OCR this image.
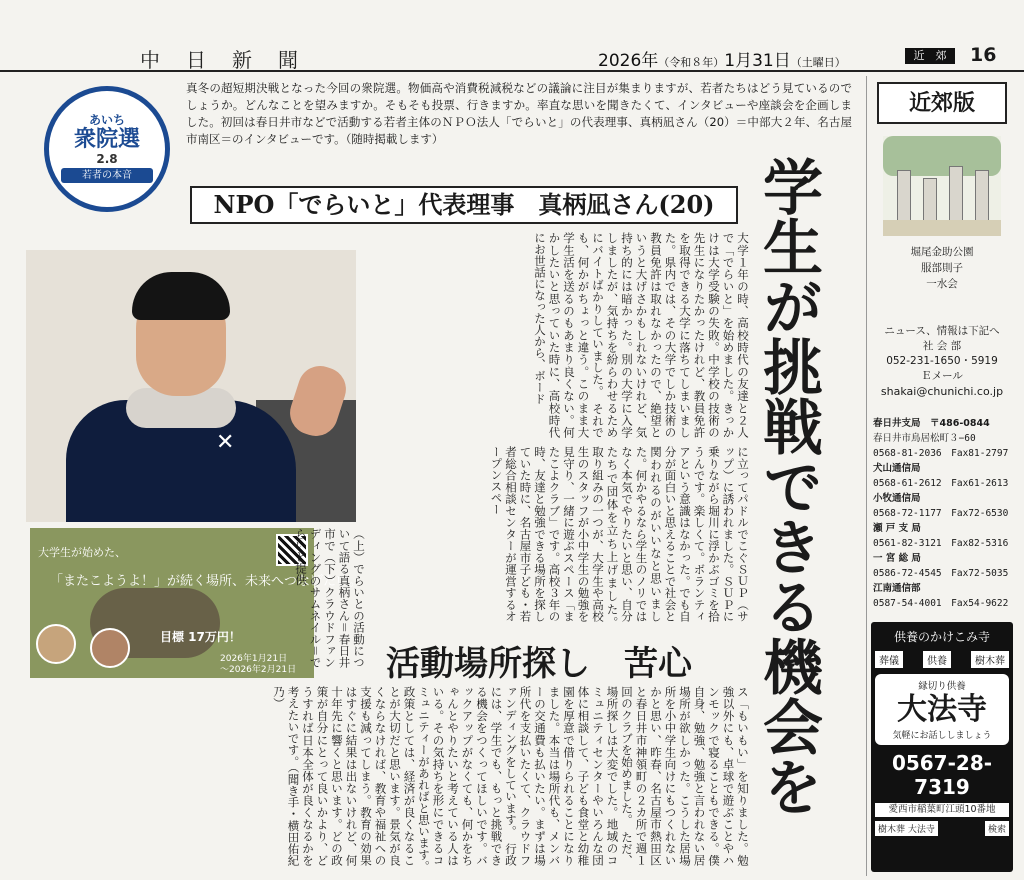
中日新聞	2026年（令和８年）1月31日（土曜日）
近　郊	16
あいち
衆院選
2.8
若者の本音
真冬の超短期決戦となった今回の衆院選。物価高や消費税減税などの議論に注目が集まりますが、若者たちはどう見ているのでしょうか。どんなことを望みますか。そもそも投票、行きますか。率直な思いを聞きたくて、インタビューや座談会を企画しました。初回は春日井市などで活動する若者主体のＮＰＯ法人「でらいと」の代表理事、真柄凪さん（20）＝中部大２年、名古屋市南区＝のインタビューです。（随時掲載します）
NPO「でらいと」代表理事　真柄凪さん(20) 学生が挑戦できる機会を
✕
大学生が始めた、
「またこようよ！」が続く場所、未来へつなげたい。
目標 17万円！
2026年1月21日
〜2026年2月21日
大学１年の時、高校時代の友達と２人で「でらいと」を始めました。きっかけは大学受験の失敗。中学校の技術の先生になりたかったけれど、教員免許を取得できる大学に落ちてしまいました。県内では、その大学でしか技術の教員免許は取れなかったので、絶望というと大げさかもしれないけれど、気持ち的には暗かった。別の大学に入学しましたが、気持ちを紛らわせるためにバイトばかりしていました。　それでも、何かがちょっと違う。このまま大学生活を送るのもあまり良くない。何かしたいと思っていた時に、高校時代にお世話になった人から、ボード
に立ってパドルでこぐＳＵＰ（サップ）に誘われました。ＳＵＰに乗りながら堀川に浮かぶゴミを拾うんです。楽しくて。ボランティアという意識はなかった。でも自分が面白いと思えることで社会と関われるのがいいなと思いました。何かやるなら学生のノリではなく本気でやりたいと思い、自分たちで団体を立ち上げました。　取り組みの一つが、大学生や高校生のスタッフが小中学生の勉強を見守り、一緒に遊ぶスペース「またこよクラブ」です。高校３年の時、友達と勉強できる場所を探していた時に、名古屋市子ども・若者総合相談センターが運営するオープンスペー
（上）でらいとの活動について語る真柄さん＝春日井市で（下）クラウドファンディングのサムネイル＝でらいと提供
活動場所探し　苦心
ス「もいもい」を知りました。勉強以外にも、卓球で遊ぶことやハンモックで寝ることもできる。僕自身、勉強、勉強と言われない居場所が欲しかった。こうした居場所を小中学生向けにもつくれないかと思い、昨春、名古屋市熱田区と春日井市神領町の２カ所で週１回のクラブを始めました。　ただ、場所探しは大変でした。地域のコミュニティセンターやいろんな団体に相談して、子ども食堂と幼稚園を厚意で借りられることになりました。本当は場所代も、メンバーの交通費も払いたい。まずは場所代を支払いたくて、クラウドファンディングをしています。　行政には、学生でも、もっと挑戦できる機会をつくってほしいです。バックアップがなくても、何かをちゃんとやりたいと考えている人はいる。その気持ちを形にできるコミュニティーがあればと思います。　政策としては、経済が良くなることが大切だと思います。景気が良くならなければ、教育や福祉への支援も減ってしまう。教育の効果はすぐに結果は出ないけれど、何十年先に響くと思います。どの政策が自分にとって良いかより、どうすれば日本全体が良くなるかを考えたいです。（聞き手・横田佑紀乃）
近郊版
堀尾金助公園
服部則子
一水会
ニュース、情報は下記へ
社 会 部
052-231-1650・5919
Ｅメール
shakai@chunichi.co.jp
春日井支局　〒486-0844
春日井市鳥居松町３−60
0568-81-2036　Fax81-2797
犬山通信局
0568-61-2612　Fax61-2613
小牧通信局
0568-72-1177　Fax72-6530
瀬 戸 支 局
0561-82-3121　Fax82-5316
一 宮 総 局
0586-72-4545　Fax72-5035
江南通信部
0587-54-4001　Fax54-9622
供養のかけこみ寺
葬儀	供養	樹木葬
縁切り供養
大法寺
気軽にお話ししましょう
0567-28-7319
愛西市稲葉町江頭10番地
樹木葬 大法寺	検索
